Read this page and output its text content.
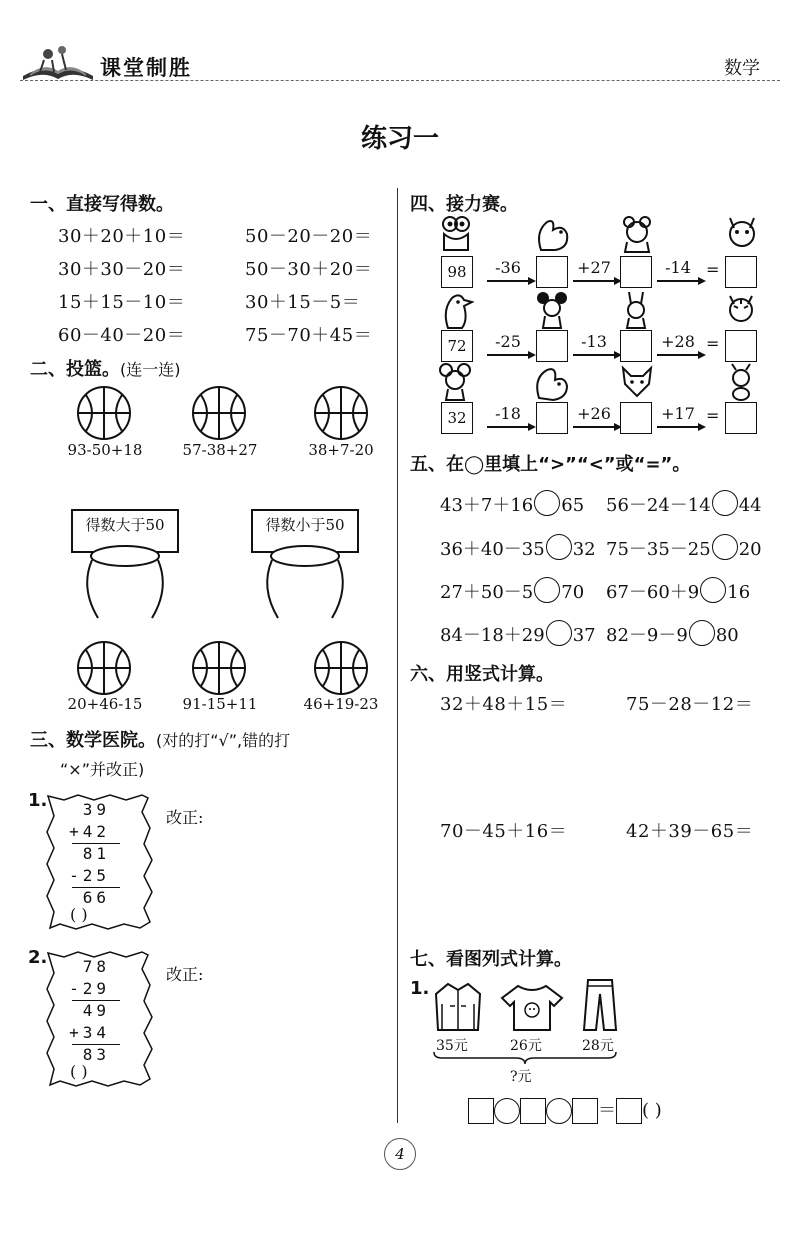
课堂制胜	数学
练习一
一、直接写得数。
30＋20＋10＝	50－20－20＝
30＋30－20＝	50－30＋20＝
15＋15－10＝	30＋15－5＝
60－40－20＝	75－70＋45＝
二、投篮。(连一连)
93-50+18	57-38+27	38+7-20
得数大于50	得数小于50
20+46-15	91-15+11	46+19-23
三、数学医院。(对的打“√”,错的打
“×”并改正)
1.	39
+42
81
-25
66
( )
改正:
2.	78
-29
49
+34
83
( )
改正:
四、接力赛。
98	-36	+27	-14 =
72	-25	-13	+28 =
32	-18	+26	+17 =
五、在◯里填上“>”“<”或“=”。
43＋7＋16 65 56－24－14 44
36＋40－35 32 75－35－25 20
27＋50－5 70 67－60＋9 16
84－18＋29 37 82－9－9 80
六、用竖式计算。
32＋48＋15＝	75－28－12＝
70－45＋16＝	42＋39－65＝
七、看图列式计算。
1.
35元	26元	28元
?元
＝ ( )
4
